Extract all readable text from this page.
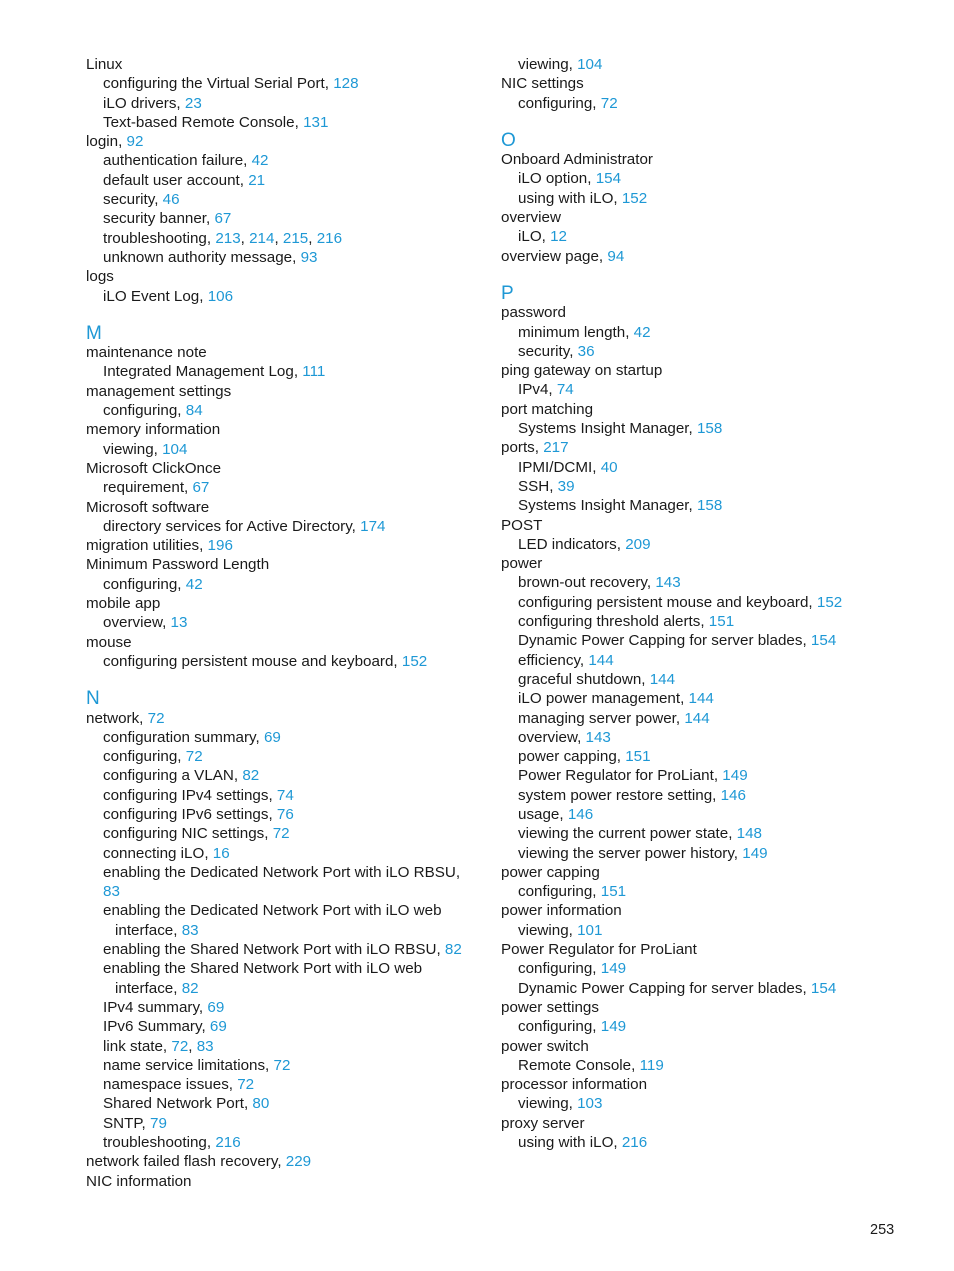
Linux
configuring the Virtual Serial Port, 128
iLO drivers, 23
Text-based Remote Console, 131
login, 92
authentication failure, 42
default user account, 21
security, 46
security banner, 67
troubleshooting, 213, 214, 215, 216
unknown authority message, 93
logs
iLO Event Log, 106
M
maintenance note
Integrated Management Log, 111
management settings
configuring, 84
memory information
viewing, 104
Microsoft ClickOnce
requirement, 67
Microsoft software
directory services for Active Directory, 174
migration utilities, 196
Minimum Password Length
configuring, 42
mobile app
overview, 13
mouse
configuring persistent mouse and keyboard, 152
N
network, 72
configuration summary, 69
configuring, 72
configuring a VLAN, 82
configuring IPv4 settings, 74
configuring IPv6 settings, 76
configuring NIC settings, 72
connecting iLO, 16
enabling the Dedicated Network Port with iLO RBSU,
83
enabling the Dedicated Network Port with iLO web
interface, 83
enabling the Shared Network Port with iLO RBSU, 82
enabling the Shared Network Port with iLO web
interface, 82
IPv4 summary, 69
IPv6 Summary, 69
link state, 72, 83
name service limitations, 72
namespace issues, 72
Shared Network Port, 80
SNTP, 79
troubleshooting, 216
network failed flash recovery, 229
NIC information
viewing, 104
NIC settings
configuring, 72
O
Onboard Administrator
iLO option, 154
using with iLO, 152
overview
iLO, 12
overview page, 94
P
password
minimum length, 42
security, 36
ping gateway on startup
IPv4, 74
port matching
Systems Insight Manager, 158
ports, 217
IPMI/DCMI, 40
SSH, 39
Systems Insight Manager, 158
POST
LED indicators, 209
power
brown-out recovery, 143
configuring persistent mouse and keyboard, 152
configuring threshold alerts, 151
Dynamic Power Capping for server blades, 154
efficiency, 144
graceful shutdown, 144
iLO power management, 144
managing server power, 144
overview, 143
power capping, 151
Power Regulator for ProLiant, 149
system power restore setting, 146
usage, 146
viewing the current power state, 148
viewing the server power history, 149
power capping
configuring, 151
power information
viewing, 101
Power Regulator for ProLiant
configuring, 149
Dynamic Power Capping for server blades, 154
power settings
configuring, 149
power switch
Remote Console, 119
processor information
viewing, 103
proxy server
using with iLO, 216
253
